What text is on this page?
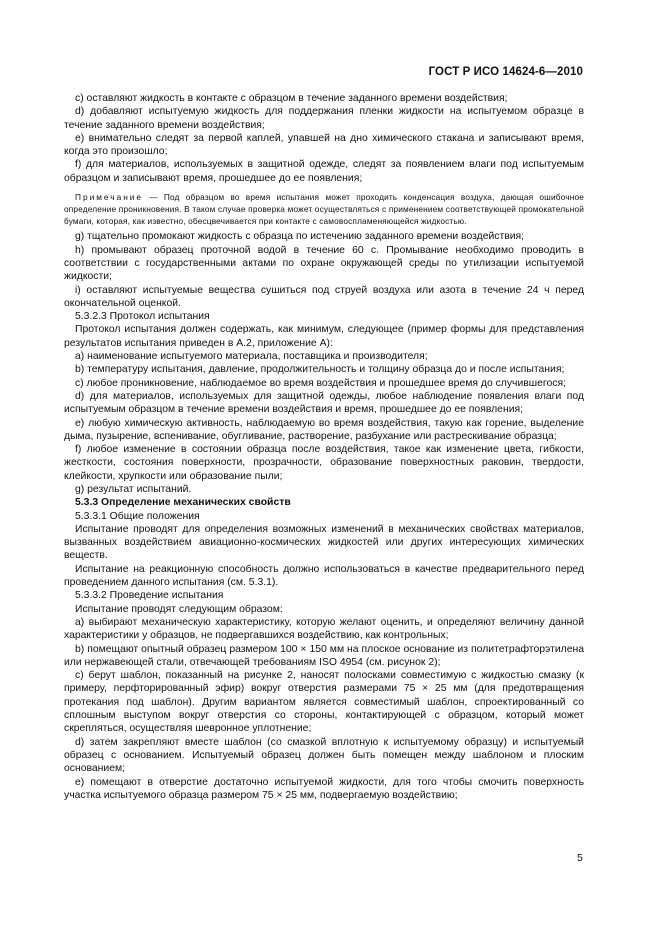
ГОСТ Р ИСО 14624-6—2010

c) оставляют жидкость в контакте с образцом в течение заданного времени воздействия;

d) добавляют испытуемую жидкость для поддержания пленки жидкости на испытуемом образце в течение заданного времени воздействия;

e) внимательно следят за первой каплей, упавшей на дно химического стакана и записывают время, когда это произошло;

f) для материалов, используемых в защитной одежде, следят за появлением влаги под испытуемым образцом и записывают время, прошедшее до ее появления;

Примечание — Под образцом во время испытания может проходить конденсация воздуха, дающая ошибочное определение проникновения. В таком случае проверка может осуществляться с применением соответствующей промокательной бумаги, которая, как известно, обесцвечивается при контакте с самовоспламеняющейся жидкостью.

g) тщательно промокают жидкость с образца по истечению заданного времени воздействия;

h) промывают образец проточной водой в течение 60 с. Промывание необходимо проводить в соответствии с государственными актами по охране окружающей среды по утилизации испытуемой жидкости;

i) оставляют испытуемые вещества сушиться под струей воздуха или азота в течение 24 ч перед окончательной оценкой.

5.3.2.3 Протокол испытания

Протокол испытания должен содержать, как минимум, следующее (пример формы для представления результатов испытания приведен в А.2, приложение А):

a) наименование испытуемого материала, поставщика и производителя;

b) температуру испытания, давление, продолжительность и толщину образца до и после испытания;

c) любое проникновение, наблюдаемое во время воздействия и прошедшее время до случившегося;

d) для материалов, используемых для защитной одежды, любое наблюдение появления влаги под испытуемым образцом в течение времени воздействия и время, прошедшее до ее появления;

e) любую химическую активность, наблюдаемую во время воздействия, такую как горение, выделение дыма, пузырение, вспенивание, обугливание, растворение, разбухание или растрескивание образца;

f) любое изменение в состоянии образца после воздействия, такое как изменение цвета, гибкости, жесткости, состояния поверхности, прозрачности, образование поверхностных раковин, твердости, клейкости, хрупкости или образование пыли;

g) результат испытаний.

5.3.3 Определение механических свойств

5.3.3.1 Общие положения

Испытание проводят для определения возможных изменений в механических свойствах материалов, вызванных воздействием авиационно-космических жидкостей или других интересующих химических веществ.

Испытание на реакционную способность должно использоваться в качестве предварительного перед проведением данного испытания (см. 5.3.1).

5.3.3.2 Проведение испытания

Испытание проводят следующим образом:

a) выбирают механическую характеристику, которую желают оценить, и определяют величину данной характеристики у образцов, не подвергавшихся воздействию, как контрольных;

b) помещают опытный образец размером 100 × 150 мм на плоское основание из политетрафторэтилена или нержавеющей стали, отвечающей требованиям ISO 4954 (см. рисунок 2);

c) берут шаблон, показанный на рисунке 2, наносят полосками совместимую с жидкостью смазку (к примеру, перфторированный эфир) вокруг отверстия размерами 75 × 25 мм (для предотвращения протекания под шаблон). Другим вариантом является совместимый шаблон, спроектированный со сплошным выступом вокруг отверстия со стороны, контактирующей с образцом, который может скрепляться, осуществляя шевронное уплотнение;

d) затем закрепляют вместе шаблон (со смазкой вплотную к испытуемому образцу) и испытуемый образец с основанием. Испытуемый образец должен быть помещен между шаблоном и плоским основанием;

e) помещают в отверстие достаточно испытуемой жидкости, для того чтобы смочить поверхность участка испытуемого образца размером 75 × 25 мм, подвергаемую воздействию;

5
